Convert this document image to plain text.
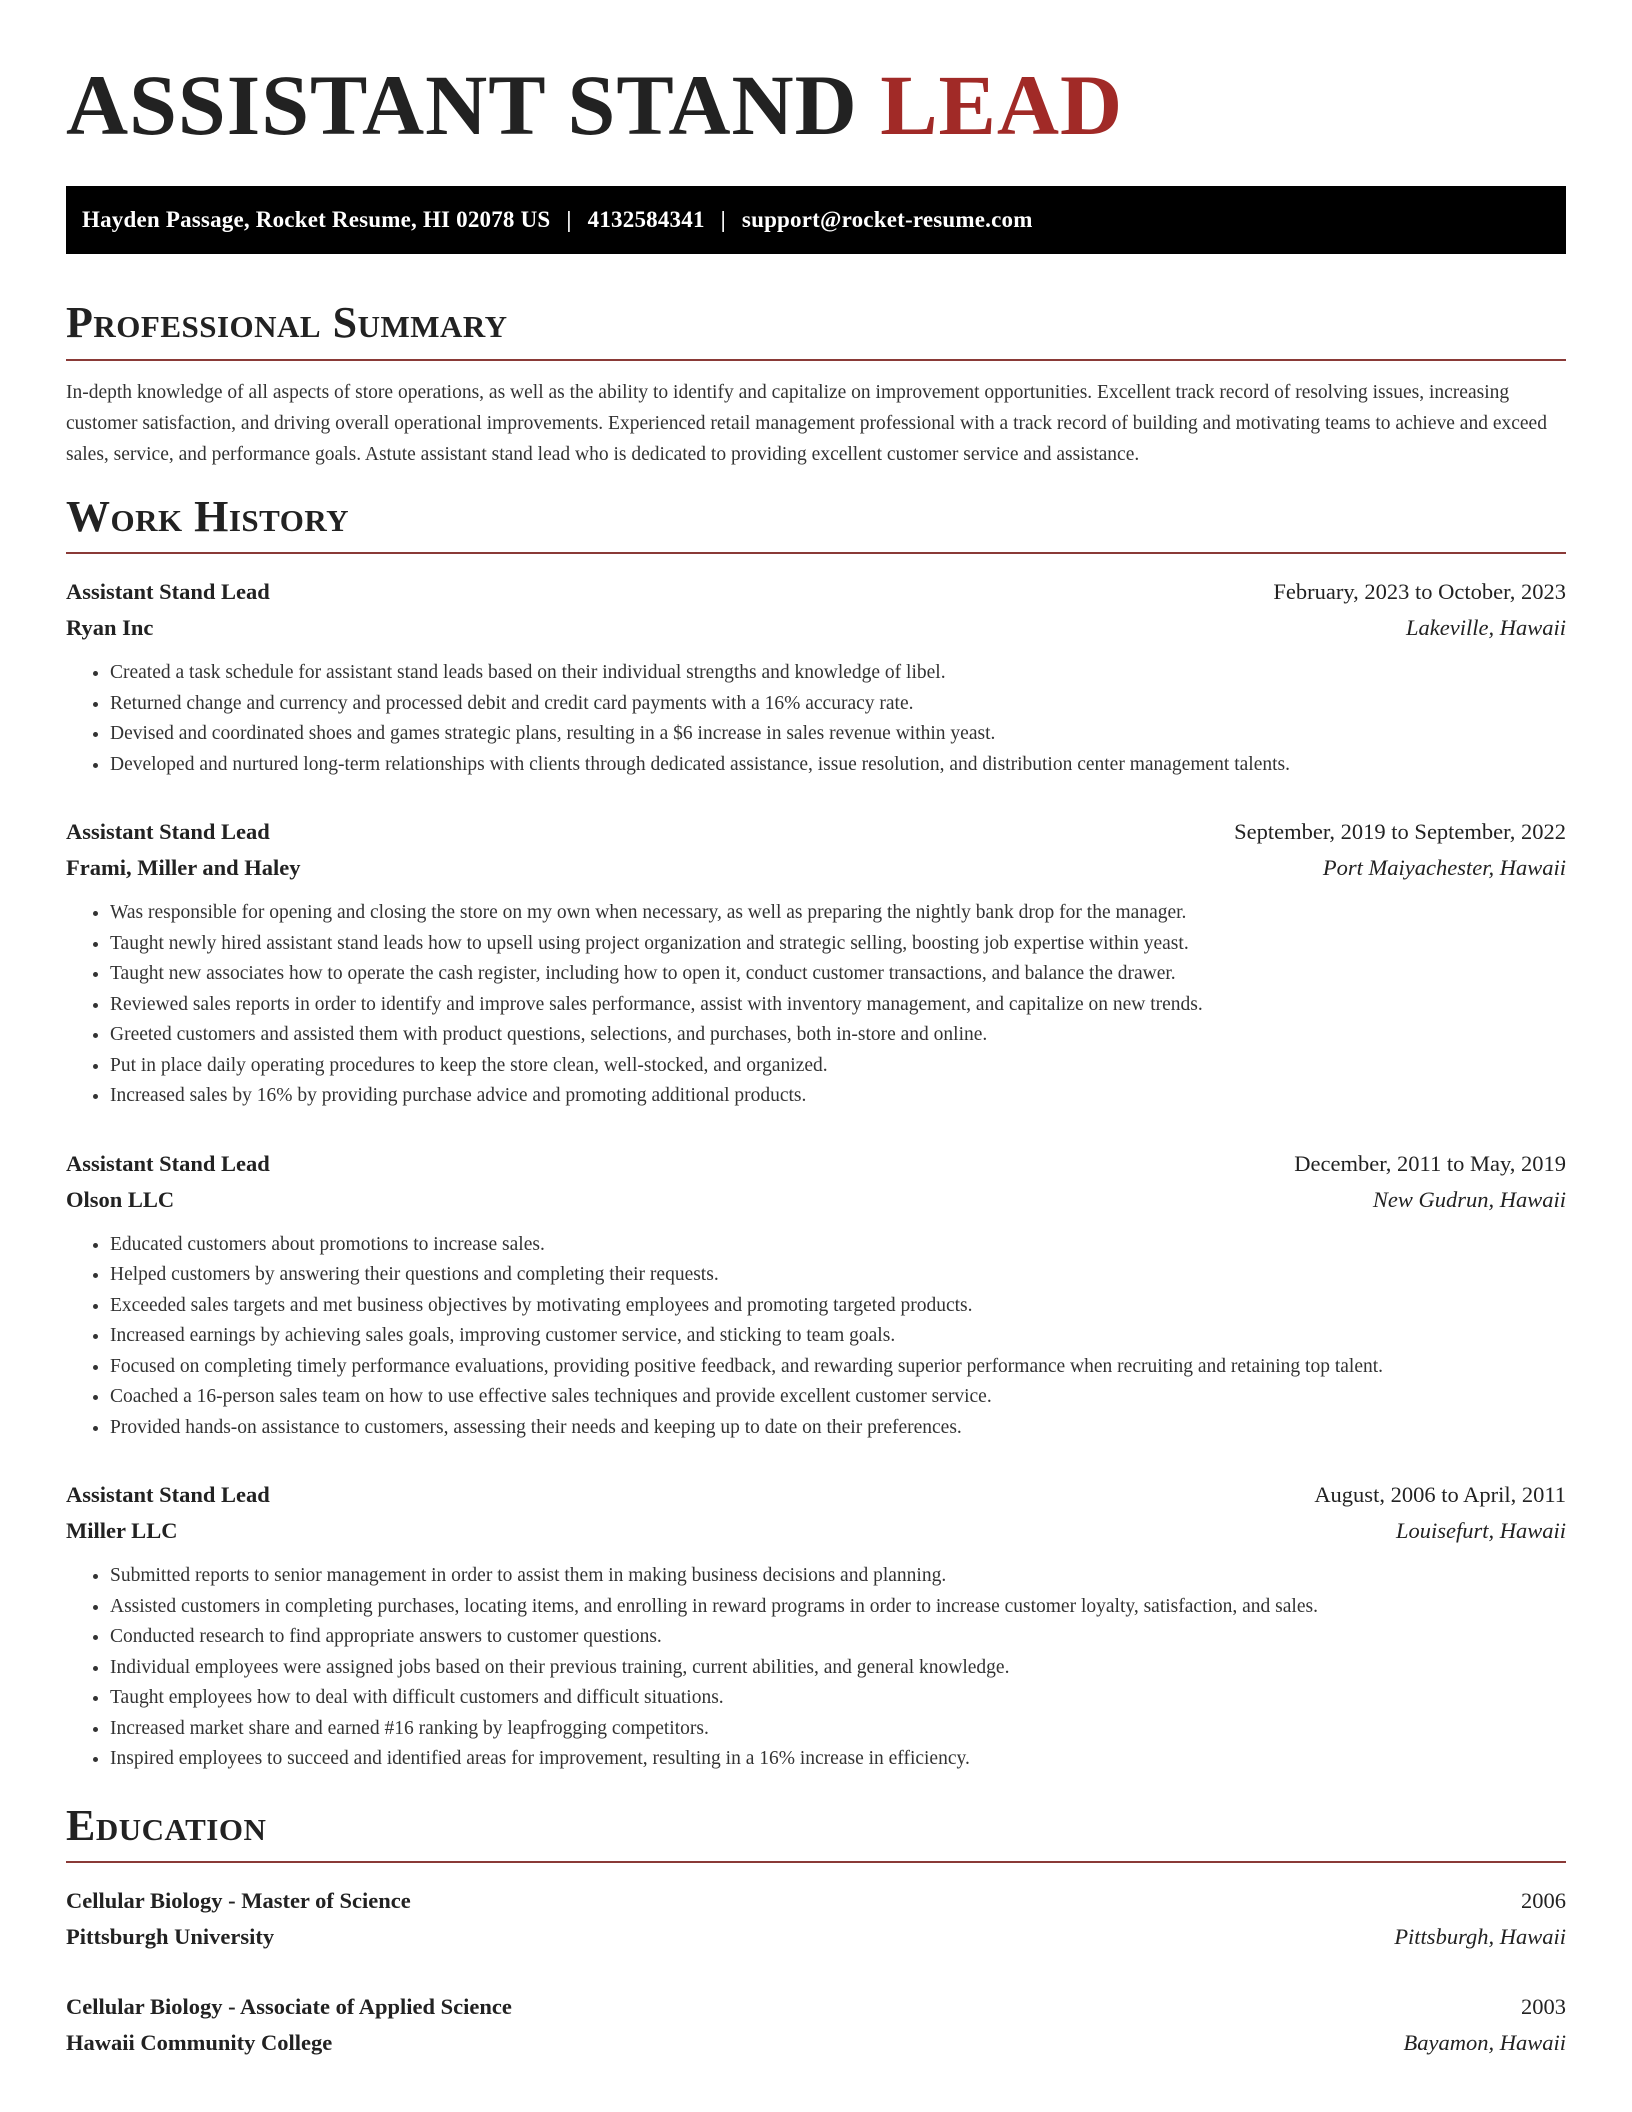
ASSISTANT STAND LEAD
Hayden Passage, Rocket Resume, HI 02078 US | 4132584341 | support@rocket-resume.com
Professional Summary

In-depth knowledge of all aspects of store operations, as well as the ability to identify and capitalize on improvement opportunities. Excellent track record of resolving issues, increasing customer satisfaction, and driving overall operational improvements. Experienced retail management professional with a track record of building and motivating teams to achieve and exceed sales, service, and performance goals. Astute assistant stand lead who is dedicated to providing excellent customer service and assistance.

Work History
Assistant Stand Lead	February, 2023 to October, 2023
Ryan Inc	Lakeville, Hawaii
• Created a task schedule for assistant stand leads based on their individual strengths and knowledge of libel.
• Returned change and currency and processed debit and credit card payments with a 16% accuracy rate.
• Devised and coordinated shoes and games strategic plans, resulting in a $6 increase in sales revenue within yeast.
• Developed and nurtured long-term relationships with clients through dedicated assistance, issue resolution, and distribution center management talents.
Assistant Stand Lead	September, 2019 to September, 2022
Frami, Miller and Haley	Port Maiyachester, Hawaii
• Was responsible for opening and closing the store on my own when necessary, as well as preparing the nightly bank drop for the manager.
• Taught newly hired assistant stand leads how to upsell using project organization and strategic selling, boosting job expertise within yeast.
• Taught new associates how to operate the cash register, including how to open it, conduct customer transactions, and balance the drawer.
• Reviewed sales reports in order to identify and improve sales performance, assist with inventory management, and capitalize on new trends.
• Greeted customers and assisted them with product questions, selections, and purchases, both in-store and online.
• Put in place daily operating procedures to keep the store clean, well-stocked, and organized.
• Increased sales by 16% by providing purchase advice and promoting additional products.
Assistant Stand Lead	December, 2011 to May, 2019
Olson LLC	New Gudrun, Hawaii
• Educated customers about promotions to increase sales.
• Helped customers by answering their questions and completing their requests.
• Exceeded sales targets and met business objectives by motivating employees and promoting targeted products.
• Increased earnings by achieving sales goals, improving customer service, and sticking to team goals.
• Focused on completing timely performance evaluations, providing positive feedback, and rewarding superior performance when recruiting and retaining top talent.
• Coached a 16-person sales team on how to use effective sales techniques and provide excellent customer service.
• Provided hands-on assistance to customers, assessing their needs and keeping up to date on their preferences.
Assistant Stand Lead	August, 2006 to April, 2011
Miller LLC	Louisefurt, Hawaii
• Submitted reports to senior management in order to assist them in making business decisions and planning.
• Assisted customers in completing purchases, locating items, and enrolling in reward programs in order to increase customer loyalty, satisfaction, and sales.
• Conducted research to find appropriate answers to customer questions.
• Individual employees were assigned jobs based on their previous training, current abilities, and general knowledge.
• Taught employees how to deal with difficult customers and difficult situations.
• Increased market share and earned #16 ranking by leapfrogging competitors.
• Inspired employees to succeed and identified areas for improvement, resulting in a 16% increase in efficiency.
Education
Cellular Biology - Master of Science	2006
Pittsburgh University	Pittsburgh, Hawaii
Cellular Biology - Associate of Applied Science	2003
Hawaii Community College	Bayamon, Hawaii
